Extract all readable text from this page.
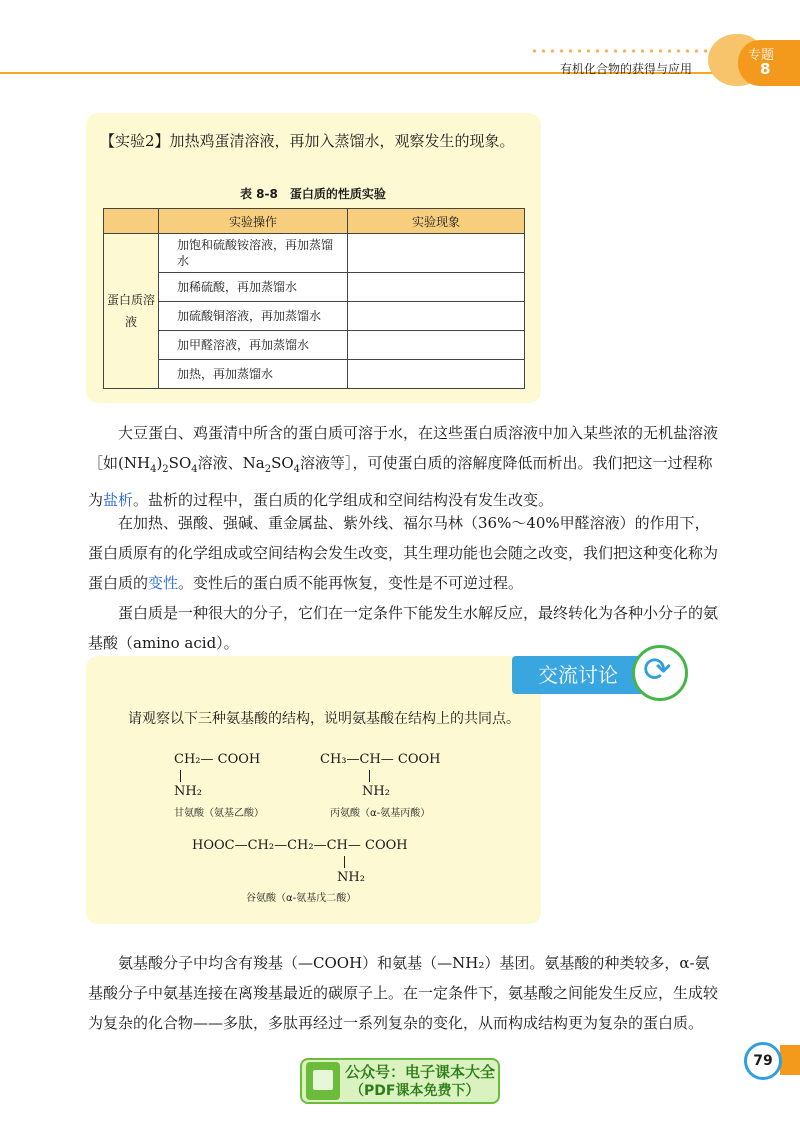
有机化合物的获得与应用
专题
8
【实验2】加热鸡蛋清溶液，再加入蒸馏水，观察发生的现象。
表 8-8　蛋白质的性质实验
	实验操作	实验现象
蛋白质溶液	加饱和硫酸铵溶液，再加蒸馏水	
	加稀硫酸，再加蒸馏水	
	加硫酸铜溶液，再加蒸馏水	
	加甲醛溶液，再加蒸馏水	
	加热，再加蒸馏水	
大豆蛋白、鸡蛋清中所含的蛋白质可溶于水，在这些蛋白质溶液中加入某些浓的无机盐溶液［如$(NH_4)_2SO_4$溶液、$Na_2SO_4$溶液等］，可使蛋白质的溶解度降低而析出。我们把这一过程称为盐析。盐析的过程中，蛋白质的化学组成和空间结构没有发生改变。
在加热、强酸、强碱、重金属盐、紫外线、福尔马林（36%～40%甲醛溶液）的作用下，蛋白质原有的化学组成或空间结构会发生改变，其生理功能也会随之改变，我们把这种变化称为蛋白质的变性。变性后的蛋白质不能再恢复，变性是不可逆过程。
蛋白质是一种很大的分子，它们在一定条件下能发生水解反应，最终转化为各种小分子的氨基酸（amino acid）。
交流讨论 ⟳
请观察以下三种氨基酸的结构，说明氨基酸在结构上的共同点。
CH₂— COOH
NH₂
甘氨酸（氨基乙酸）
CH₃—CH— COOH
NH₂
丙氨酸（α-氨基丙酸）
HOOC—CH₂—CH₂—CH— COOH
NH₂
谷氨酸（α-氨基戊二酸）
氨基酸分子中均含有羧基（—COOH）和氨基（—NH₂）基团。氨基酸的种类较多，α-氨基酸分子中氨基连接在离羧基最近的碳原子上。在一定条件下，氨基酸之间能发生反应，生成较为复杂的化合物——多肽，多肽再经过一系列复杂的变化，从而构成结构更为复杂的蛋白质。
79
公众号：电子课本大全
（PDF课本免费下）
